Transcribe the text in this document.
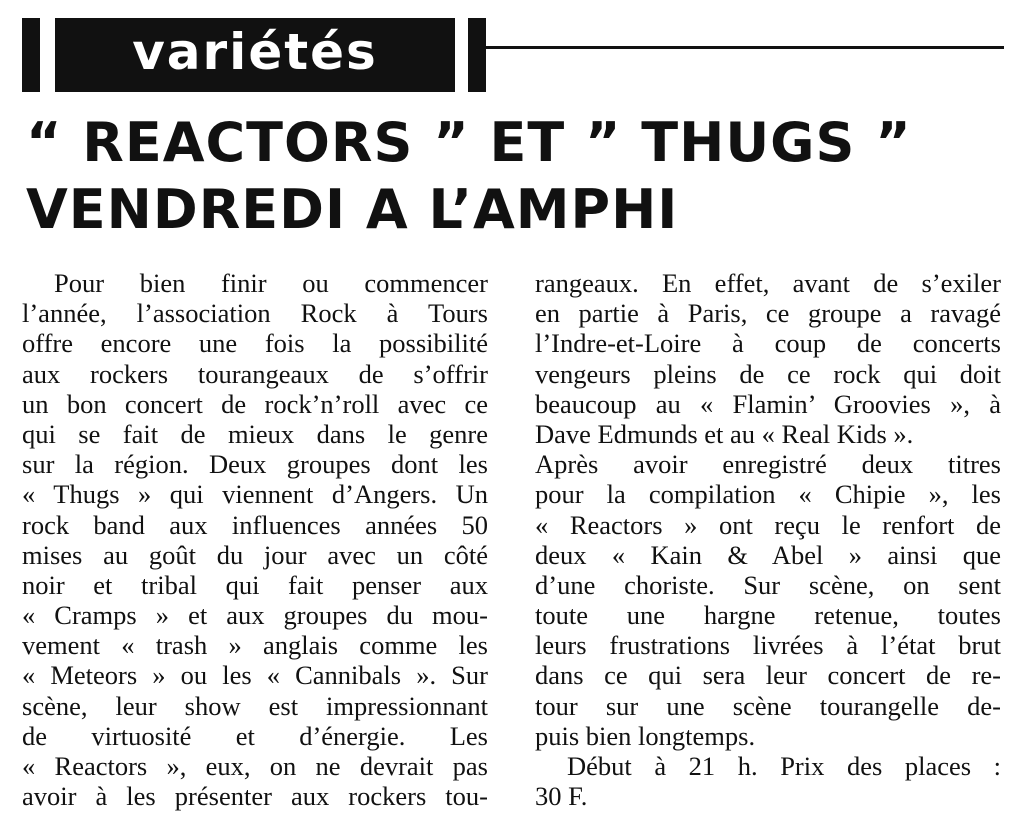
variétés
“ REACTORS ” ET ” THUGS ”
VENDREDI A L’AMPHI
Pour bien finir ou commencer
l’année, l’association Rock à Tours
offre encore une fois la possibilité
aux rockers tourangeaux de s’offrir
un bon concert de rock’n’roll avec ce
qui se fait de mieux dans le genre
sur la région. Deux groupes dont les
« Thugs » qui viennent d’Angers. Un
rock band aux influences années 50
mises au goût du jour avec un côté
noir et tribal qui fait penser aux
« Cramps » et aux groupes du mou-
vement « trash » anglais comme les
« Meteors » ou les « Cannibals ». Sur
scène, leur show est impressionnant
de virtuosité et d’énergie. Les
« Reactors », eux, on ne devrait pas
avoir à les présenter aux rockers tou-
rangeaux. En effet, avant de s’exiler
en partie à Paris, ce groupe a ravagé
l’Indre-et-Loire à coup de concerts
vengeurs pleins de ce rock qui doit
beaucoup au « Flamin’ Groovies », à
Dave Edmunds et au « Real Kids ».
Après avoir enregistré deux titres
pour la compilation « Chipie », les
« Reactors » ont reçu le renfort de
deux « Kain & Abel » ainsi que
d’une choriste. Sur scène, on sent
toute une hargne retenue, toutes
leurs frustrations livrées à l’état brut
dans ce qui sera leur concert de re-
tour sur une scène tourangelle de-
puis bien longtemps.
Début à 21 h. Prix des places :
30 F.
